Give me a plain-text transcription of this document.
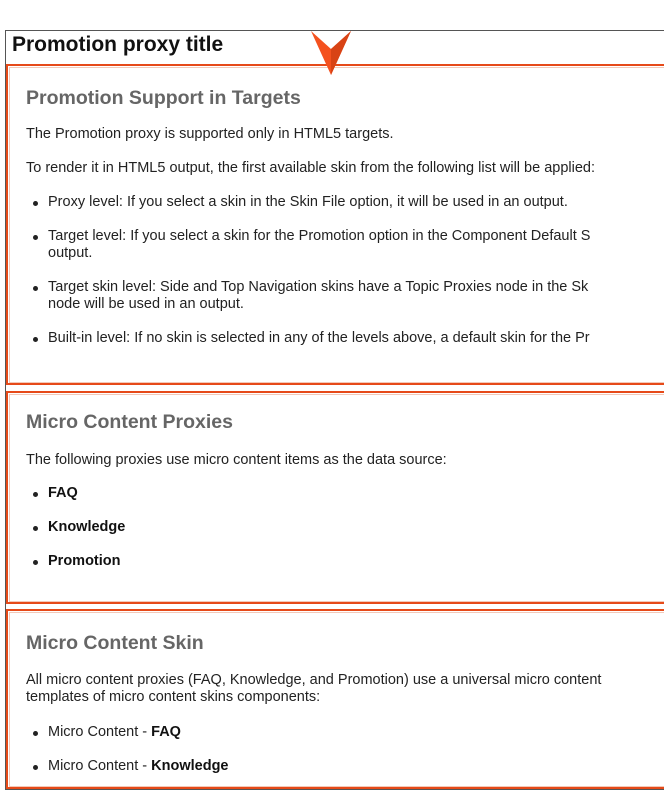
Promotion proxy title
Promotion Support in Targets
The Promotion proxy is supported only in HTML5 targets.
To render it in HTML5 output, the first available skin from the following list will be applied:
Proxy level: If you select a skin in the Skin File option, it will be used in an output.
Target level: If you select a skin for the Promotion option in the Component Default S
output.
Target skin level: Side and Top Navigation skins have a Topic Proxies node in the Sk
node will be used in an output.
Built-in level: If no skin is selected in any of the levels above, a default skin for the Pr
Micro Content Proxies
The following proxies use micro content items as the data source:
FAQ
Knowledge
Promotion
Micro Content Skin
All micro content proxies (FAQ, Knowledge, and Promotion) use a universal micro content
templates of micro content skins components:
Micro Content - FAQ
Micro Content - Knowledge
